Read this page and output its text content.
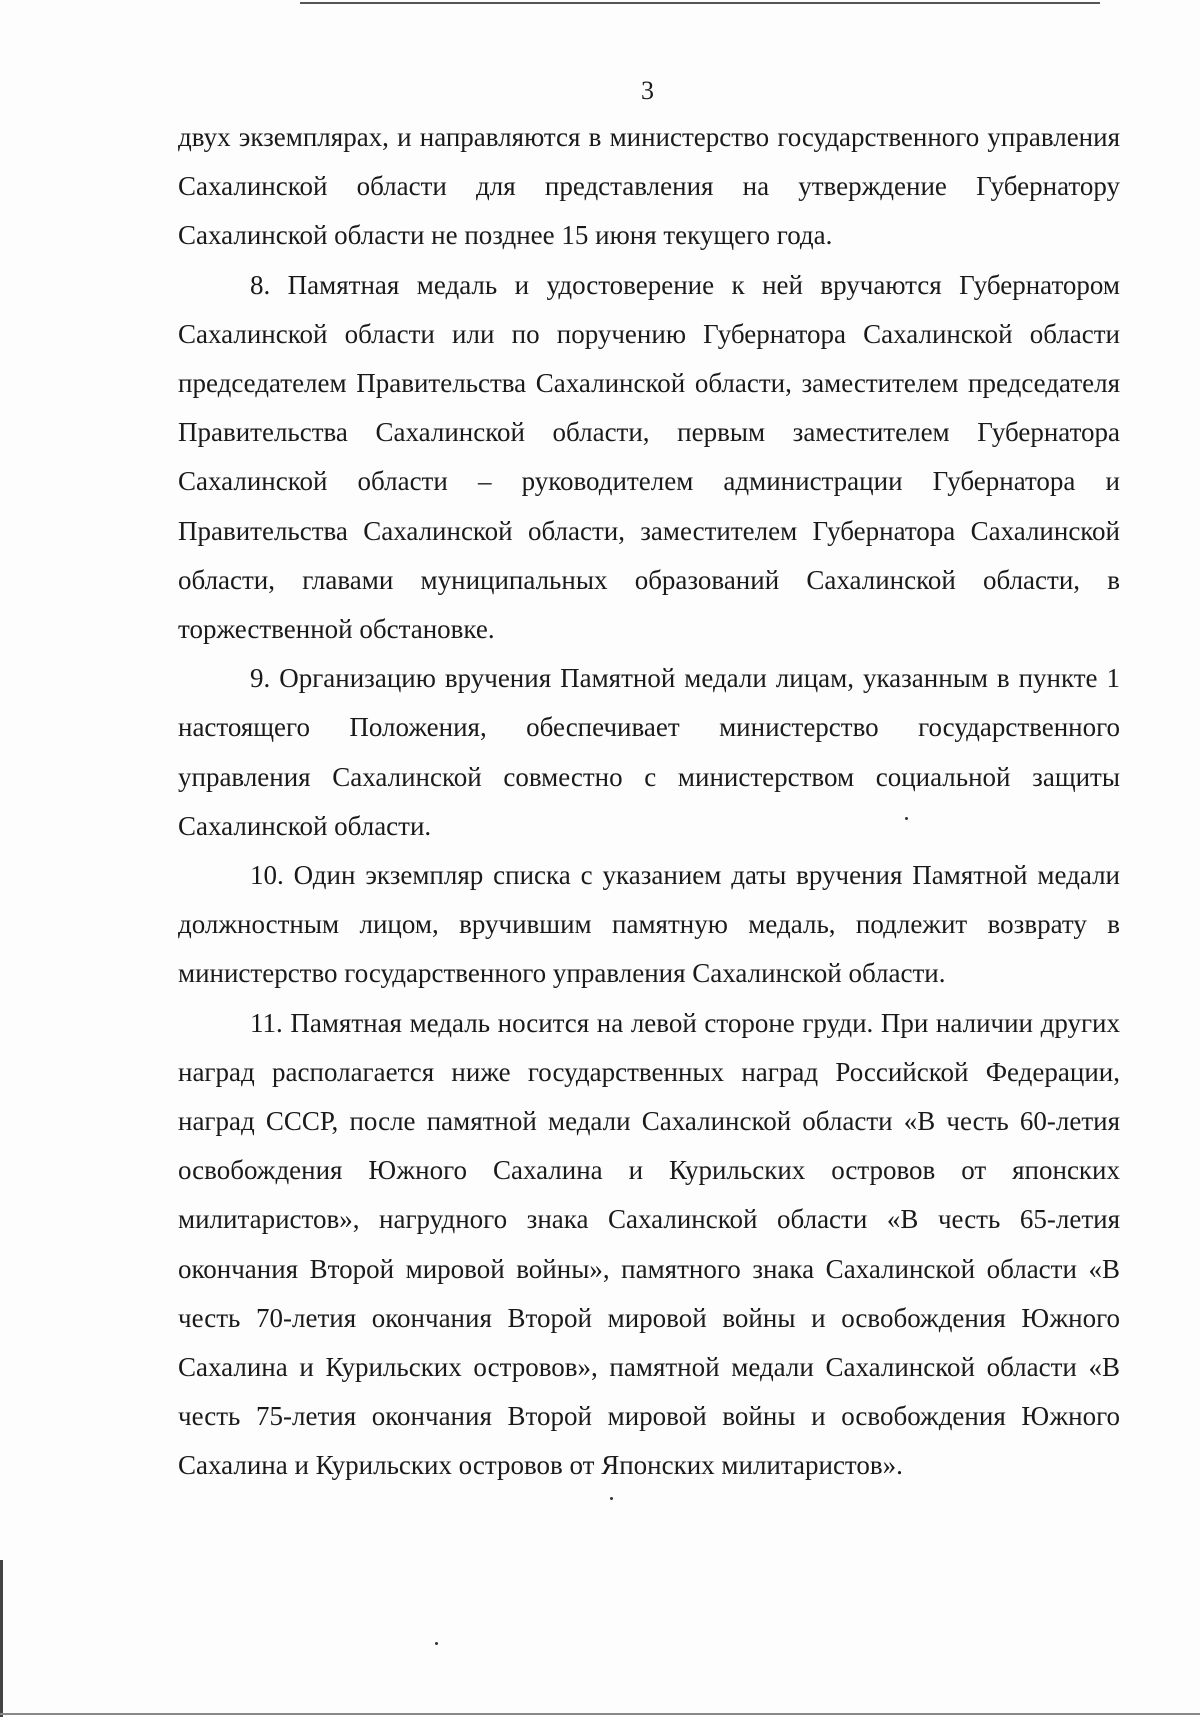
3

двух экземплярах, и направляются в министерство государственного управления Сахалинской области для представления на утверждение Губернатору Сахалинской области не позднее 15 июня текущего года.

8. Памятная медаль и удостоверение к ней вручаются Губернатором Сахалинской области или по поручению Губернатора Сахалинской области председателем Правительства Сахалинской области, заместителем председателя Правительства Сахалинской области, первым заместителем Губернатора Сахалинской области – руководителем администрации Губернатора и Правительства Сахалинской области, заместителем Губернатора Сахалинской области, главами муниципальных образований Сахалинской области, в торжественной обстановке.

9. Организацию вручения Памятной медали лицам, указанным в пункте 1 настоящего Положения, обеспечивает министерство государственного управления Сахалинской совместно с министерством социальной защиты Сахалинской области.

10. Один экземпляр списка с указанием даты вручения Памятной медали должностным лицом, вручившим памятную медаль, подлежит возврату в министерство государственного управления Сахалинской области.

11. Памятная медаль носится на левой стороне груди. При наличии других наград располагается ниже государственных наград Российской Федерации, наград СССР, после памятной медали Сахалинской области «В честь 60-летия освобождения Южного Сахалина и Курильских островов от японских милитаристов», нагрудного знака Сахалинской области «В честь 65-летия окончания Второй мировой войны», памятного знака Сахалинской области «В честь 70-летия окончания Второй мировой войны и освобождения Южного Сахалина и Курильских островов», памятной медали Сахалинской области «В честь 75-летия окончания Второй мировой войны и освобождения Южного Сахалина и Курильских островов от Японских милитаристов».
